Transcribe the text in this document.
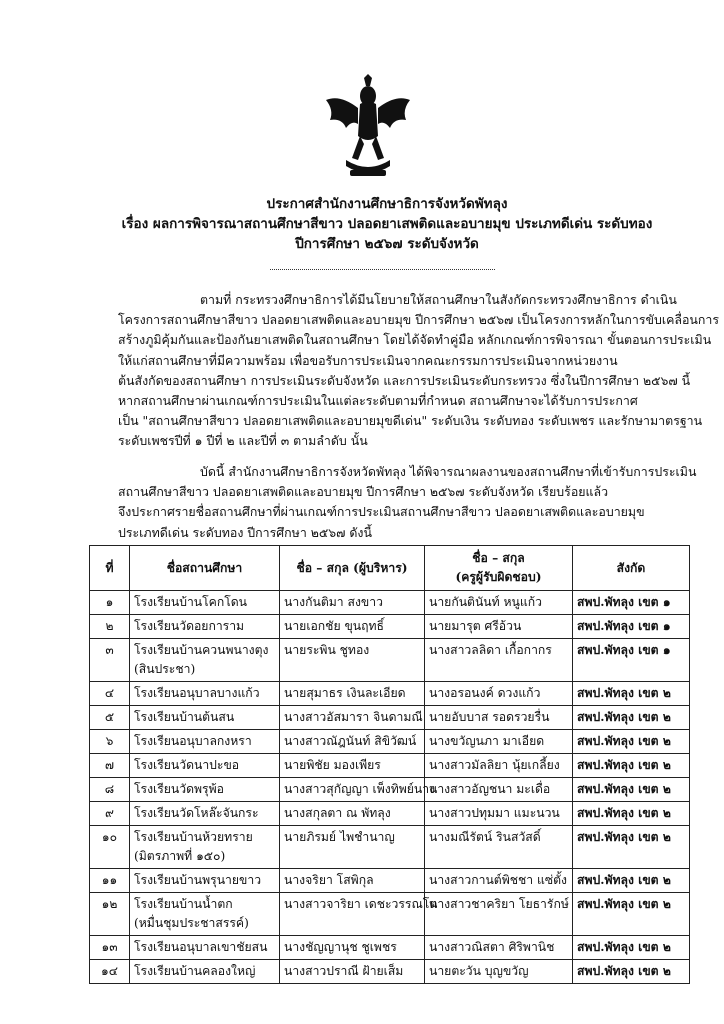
ประกาศสำนักงานศึกษาธิการจังหวัดพัทลุง
เรื่อง ผลการพิจารณาสถานศึกษาสีขาว ปลอดยาเสพติดและอบายมุข ประเภทดีเด่น ระดับทอง
ปีการศึกษา ๒๕๖๗ ระดับจังหวัด
ตามที่ กระทรวงศึกษาธิการได้มีนโยบายให้สถานศึกษาในสังกัดกระทรวงศึกษาธิการ ดำเนิน
โครงการสถานศึกษาสีขาว ปลอดยาเสพติดและอบายมุข ปีการศึกษา ๒๕๖๗ เป็นโครงการหลักในการขับเคลื่อนการ
สร้างภูมิคุ้มกันและป้องกันยาเสพติดในสถานศึกษา โดยได้จัดทำคู่มือ หลักเกณฑ์การพิจารณา ขั้นตอนการประเมิน
ให้แก่สถานศึกษาที่มีความพร้อม เพื่อขอรับการประเมินจากคณะกรรมการประเมินจากหน่วยงาน
ต้นสังกัดของสถานศึกษา การประเมินระดับจังหวัด และการประเมินระดับกระทรวง ซึ่งในปีการศึกษา ๒๕๖๗ นี้
หากสถานศึกษาผ่านเกณฑ์การประเมินในแต่ละระดับตามที่กำหนด สถานศึกษาจะได้รับการประกาศ
เป็น "สถานศึกษาสีขาว ปลอดยาเสพติดและอบายมุขดีเด่น" ระดับเงิน ระดับทอง ระดับเพชร และรักษามาตรฐาน
ระดับเพชรปีที่ ๑ ปีที่ ๒ และปีที่ ๓ ตามลำดับ นั้น
บัดนี้ สำนักงานศึกษาธิการจังหวัดพัทลุง ได้พิจารณาผลงานของสถานศึกษาที่เข้ารับการประเมิน
สถานศึกษาสีขาว ปลอดยาเสพติดและอบายมุข ปีการศึกษา ๒๕๖๗ ระดับจังหวัด เรียบร้อยแล้ว
จึงประกาศรายชื่อสถานศึกษาที่ผ่านเกณฑ์การประเมินสถานศึกษาสีขาว ปลอดยาเสพติดและอบายมุข
ประเภทดีเด่น ระดับทอง ปีการศึกษา ๒๕๖๗ ดังนี้
ที่	ชื่อสถานศึกษา	ชื่อ – สกุล (ผู้บริหาร)	ชื่อ – สกุล
(ครูผู้รับผิดชอบ)	สังกัด
๑	โรงเรียนบ้านโคกโดน	นางกันติมา สงขาว	นายกันตินันท์ หนูแก้ว	สพป.พัทลุง เขต ๑
๒	โรงเรียนวัดอยการาม	นายเอกชัย ขุนฤทธิ์	นายมารุต ศรีอ้วน	สพป.พัทลุง เขต ๑
๓	โรงเรียนบ้านควนพนางตุง
(สินประชา)	นายระพิน ชูทอง	นางสาวลลิดา เกื้อกากร	สพป.พัทลุง เขต ๑
๔	โรงเรียนอนุบาลบางแก้ว	นายสุมาธร เงินละเอียด	นางอรอนงค์ ดวงแก้ว	สพป.พัทลุง เขต ๒
๕	โรงเรียนบ้านต้นสน	นางสาวอัสมารา จินดามณี	นายอับบาส รอดรวยรื่น	สพป.พัทลุง เขต ๒
๖	โรงเรียนอนุบาลกงหรา	นางสาวณัฎนันท์ สิขิวัฒน์	นางขวัญนภา มาเอียด	สพป.พัทลุง เขต ๒
๗	โรงเรียนวัดนาปะขอ	นายพิชัย มองเพียร	นางสาวมัลลิยา นุ้ยเกลี้ยง	สพป.พัทลุง เขต ๒
๘	โรงเรียนวัดพรุพ้อ	นางสาวสุกัญญา เพ็งทิพย์นาง	นางสาวอัญชนา มะเดื่อ	สพป.พัทลุง เขต ๒
๙	โรงเรียนวัดโหล๊ะจันกระ	นางสกุลตา ณ พัทลุง	นางสาวปทุมมา แมะนวน	สพป.พัทลุง เขต ๒
๑๐	โรงเรียนบ้านห้วยทราย
(มิตรภาพที่ ๑๕๐)	นายภิรมย์ ไพชำนาญ	นางมณีรัตน์ รินสวัสดิ์	สพป.พัทลุง เขต ๒
๑๑	โรงเรียนบ้านพรุนายขาว	นางจริยา โสพิกุล	นางสาวกานต์พิชชา แซ่ตั้ง	สพป.พัทลุง เขต ๒
๑๒	โรงเรียนบ้านน้ำตก
(หมื่นชุมประชาสรรค์)	นางสาวจาริยา เดชะวรรณโต	นางสาวชาคริยา โยธารักษ์	สพป.พัทลุง เขต ๒
๑๓	โรงเรียนอนุบาลเขาชัยสน	นางชัญญานุช ชูเพชร	นางสาวณิสตา ศิริพานิช	สพป.พัทลุง เขต ๒
๑๔	โรงเรียนบ้านคลองใหญ่	นางสาวปราณี ฝ้ายเส็ม	นายตะวัน บุญขวัญ	สพป.พัทลุง เขต ๒
